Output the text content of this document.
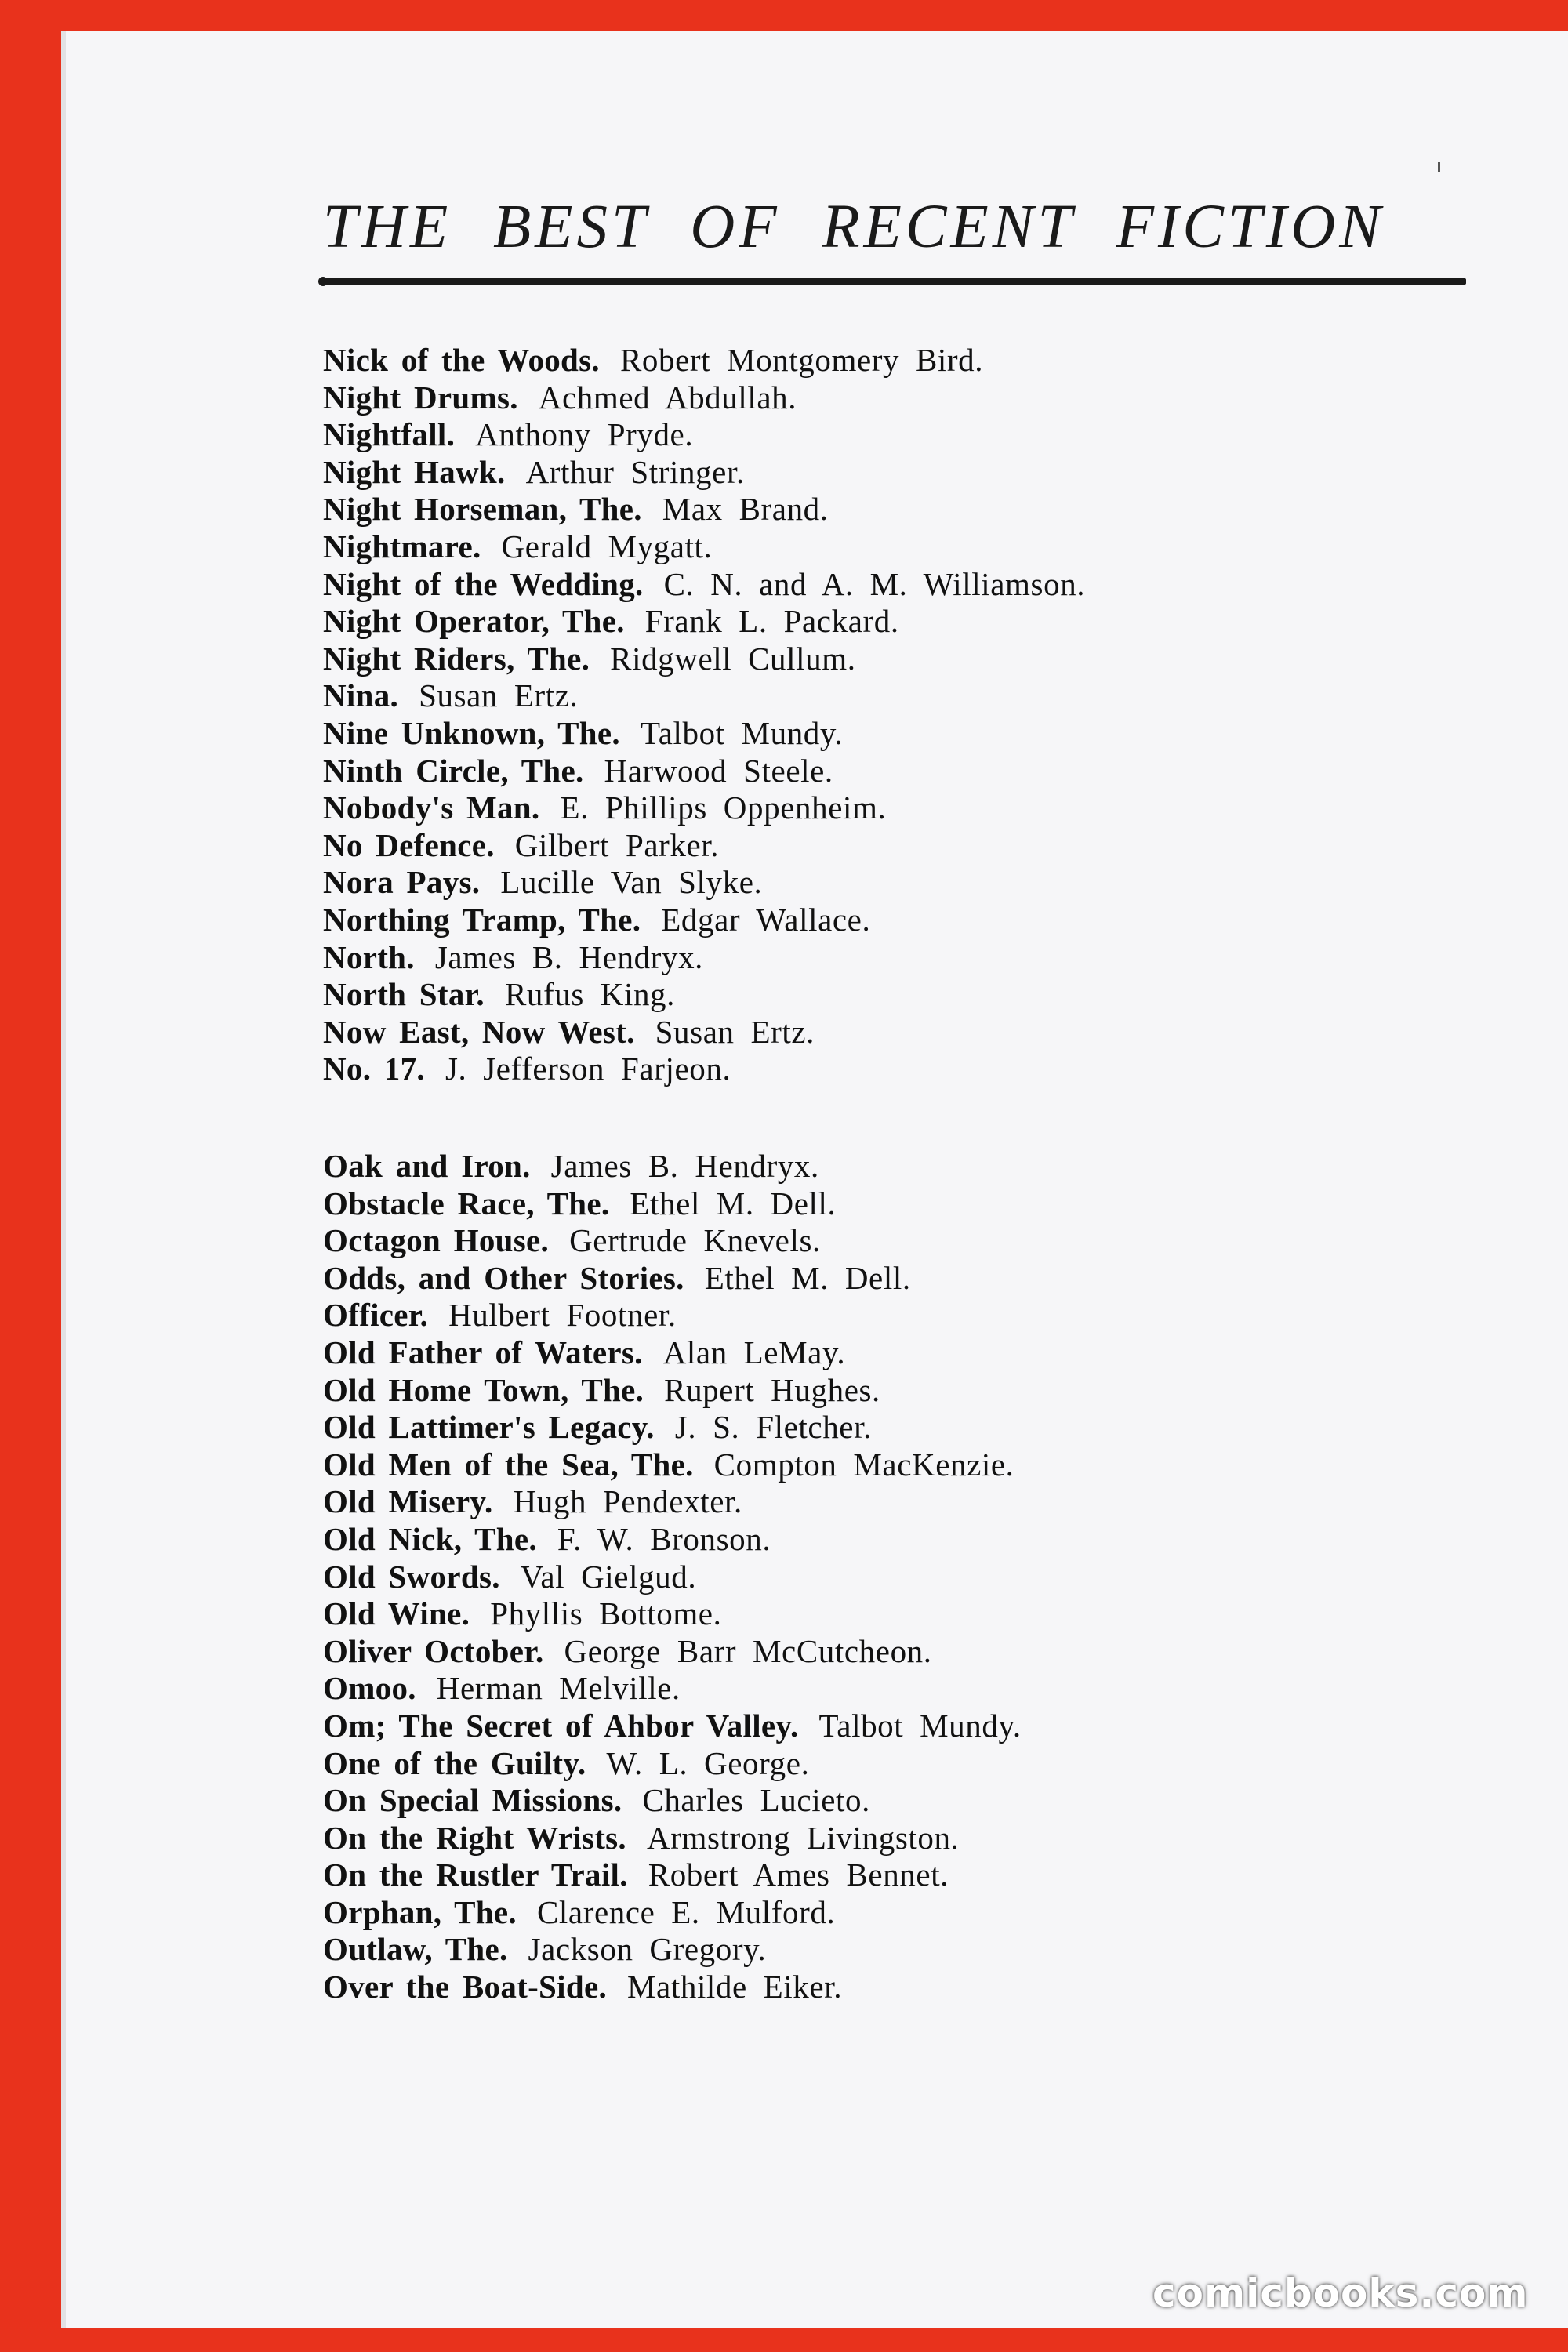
THE BEST OF RECENT FICTION
Nick of the Woods. Robert Montgomery Bird.
Night Drums. Achmed Abdullah.
Nightfall. Anthony Pryde.
Night Hawk. Arthur Stringer.
Night Horseman, The. Max Brand.
Nightmare. Gerald Mygatt.
Night of the Wedding. C. N. and A. M. Williamson.
Night Operator, The. Frank L. Packard.
Night Riders, The. Ridgwell Cullum.
Nina. Susan Ertz.
Nine Unknown, The. Talbot Mundy.
Ninth Circle, The. Harwood Steele.
Nobody's Man. E. Phillips Oppenheim.
No Defence. Gilbert Parker.
Nora Pays. Lucille Van Slyke.
Northing Tramp, The. Edgar Wallace.
North. James B. Hendryx.
North Star. Rufus King.
Now East, Now West. Susan Ertz.
No. 17. J. Jefferson Farjeon.
Oak and Iron. James B. Hendryx.
Obstacle Race, The. Ethel M. Dell.
Octagon House. Gertrude Knevels.
Odds, and Other Stories. Ethel M. Dell.
Officer. Hulbert Footner.
Old Father of Waters. Alan LeMay.
Old Home Town, The. Rupert Hughes.
Old Lattimer's Legacy. J. S. Fletcher.
Old Men of the Sea, The. Compton MacKenzie.
Old Misery. Hugh Pendexter.
Old Nick, The. F. W. Bronson.
Old Swords. Val Gielgud.
Old Wine. Phyllis Bottome.
Oliver October. George Barr McCutcheon.
Omoo. Herman Melville.
Om; The Secret of Ahbor Valley. Talbot Mundy.
One of the Guilty. W. L. George.
On Special Missions. Charles Lucieto.
On the Right Wrists. Armstrong Livingston.
On the Rustler Trail. Robert Ames Bennet.
Orphan, The. Clarence E. Mulford.
Outlaw, The. Jackson Gregory.
Over the Boat-Side. Mathilde Eiker.
comicbooks.com
